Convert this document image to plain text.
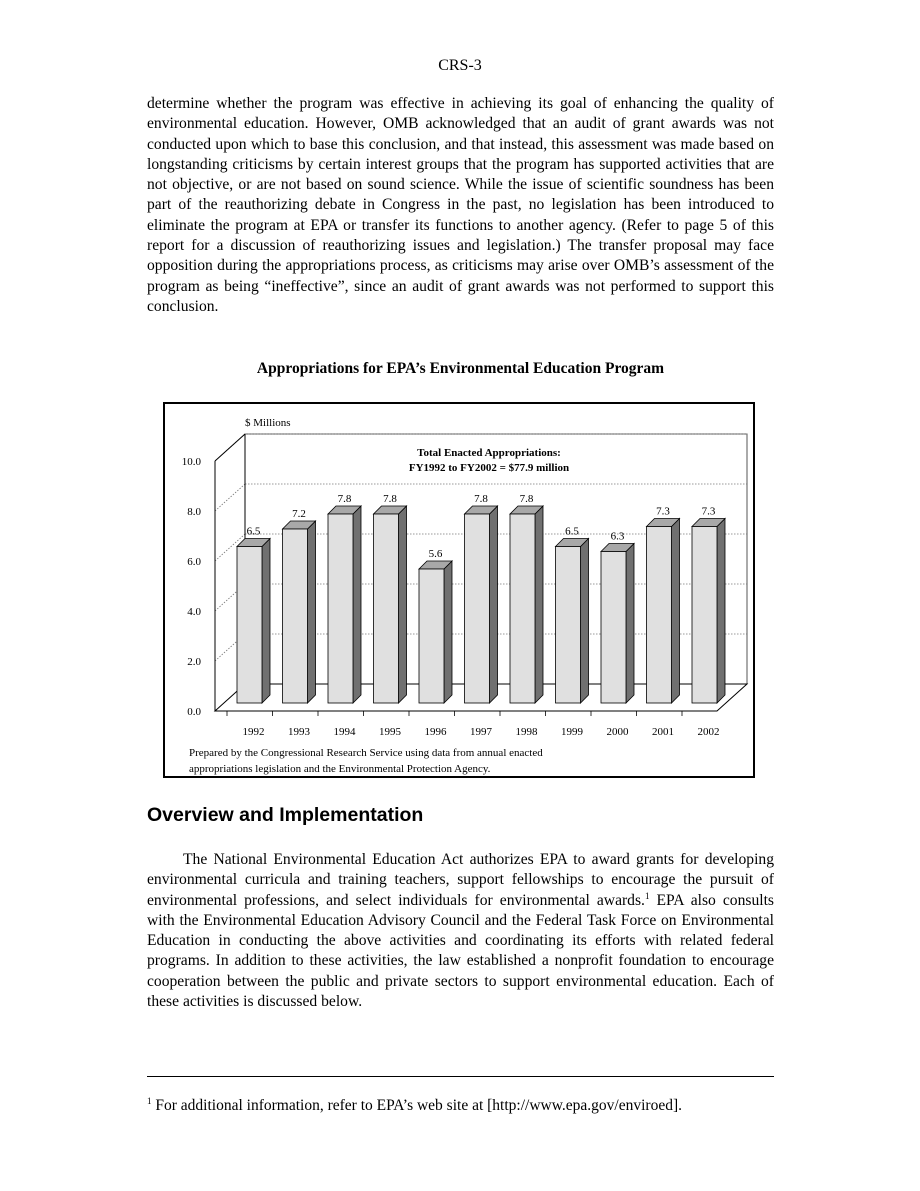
CRS-3

determine whether the program was effective in achieving its goal of enhancing the quality of environmental education. However, OMB acknowledged that an audit of grant awards was not conducted upon which to base this conclusion, and that instead, this assessment was made based on longstanding criticisms by certain interest groups that the program has supported activities that are not objective, or are not based on sound science. While the issue of scientific soundness has been part of the reauthorizing debate in Congress in the past, no legislation has been introduced to eliminate the program at EPA or transfer its functions to another agency. (Refer to page 5 of this report for a discussion of reauthorizing issues and legislation.) The transfer proposal may face opposition during the appropriations process, as criticisms may arise over OMB’s assessment of the program as being “ineffective”, since an audit of grant awards was not performed to support this conclusion.

Appropriations for EPA’s Environmental Education Program
0.0
2.0
4.0
6.0
8.0
10.0
6.5
1992
7.2
1993
7.8
1994
7.8
1995
5.6
1996
7.8
1997
7.8
1998
6.5
1999
6.3
2000
7.3
2001
7.3
2002
$ Millions
Total Enacted Appropriations:
FY1992 to FY2002 = $77.9 million
Prepared by the Congressional Research Service using data from annual enacted
appropriations legislation and the Environmental Protection Agency.
Overview and Implementation

The National Environmental Education Act authorizes EPA to award grants for developing environmental curricula and training teachers, support fellowships to encourage the pursuit of environmental professions, and select individuals for environmental awards.$^1$ EPA also consults with the Environmental Education Advisory Council and the Federal Task Force on Environmental Education in conducting the above activities and coordinating its efforts with related federal programs. In addition to these activities, the law established a nonprofit foundation to encourage cooperation between the public and private sectors to support environmental education. Each of these activities is discussed below.

$^1$ For additional information, refer to EPA’s web site at [http://www.epa.gov/enviroed].
